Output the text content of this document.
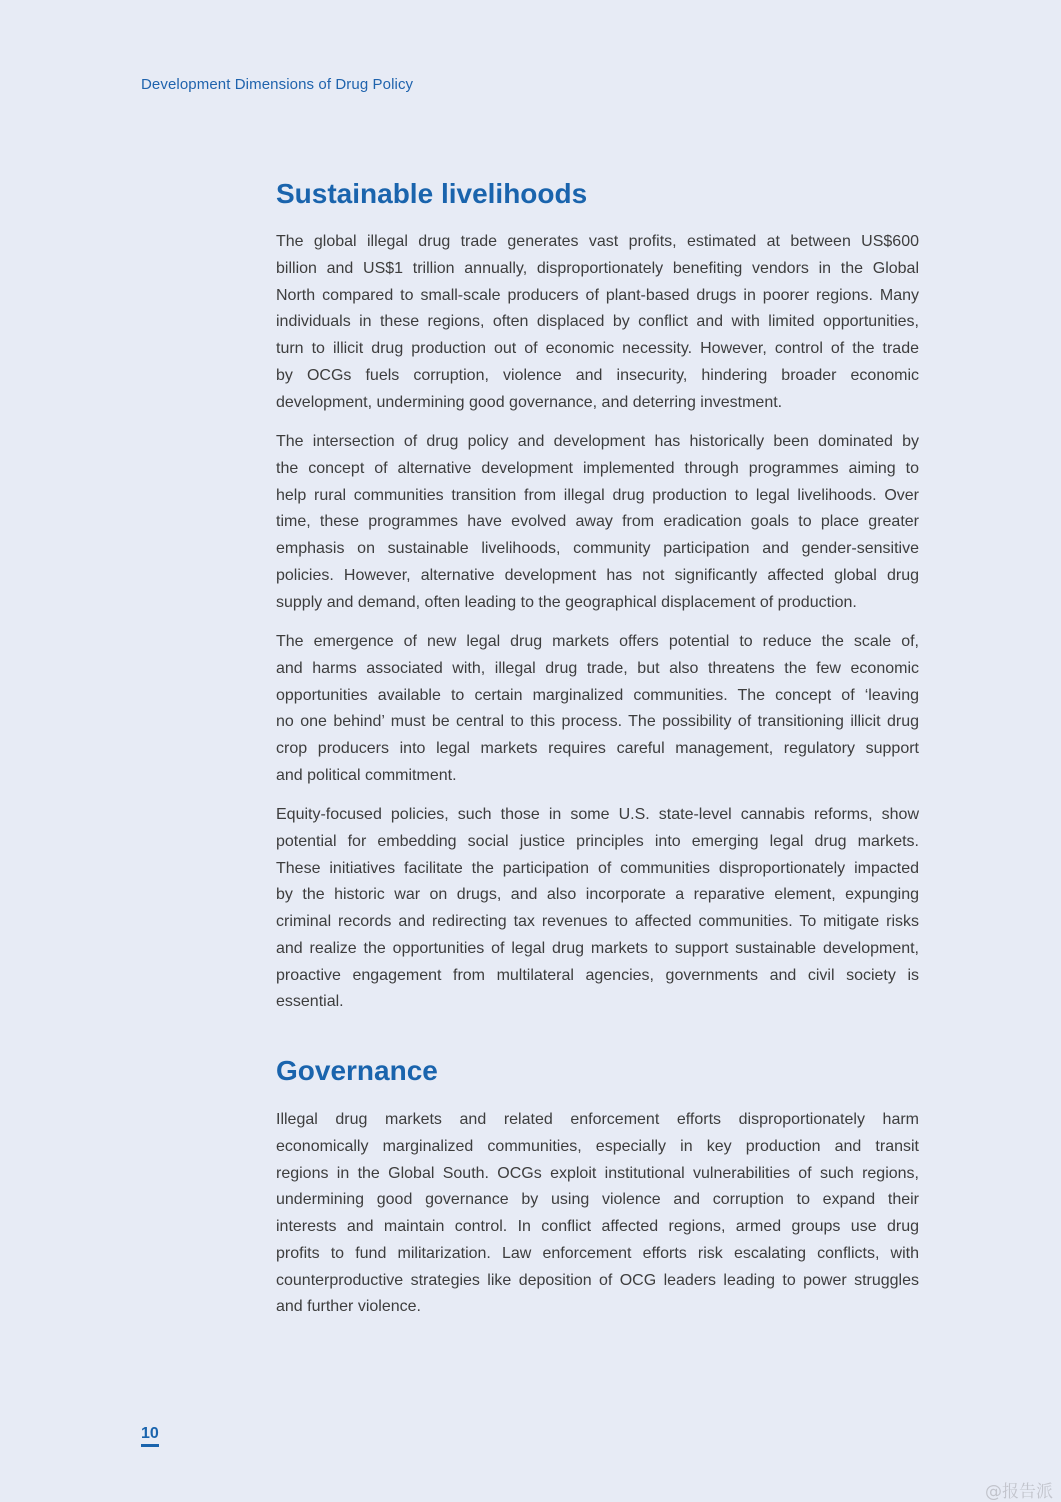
Development Dimensions of Drug Policy
Sustainable livelihoods
The global illegal drug trade generates vast profits, estimated at between US$600
billion and US$1 trillion annually, disproportionately benefiting vendors in the Global
North compared to small-scale producers of plant-based drugs in poorer regions. Many
individuals in these regions, often displaced by conflict and with limited opportunities,
turn to illicit drug production out of economic necessity. However, control of the trade
by OCGs fuels corruption, violence and insecurity, hindering broader economic
development, undermining good governance, and deterring investment.
The intersection of drug policy and development has historically been dominated by
the concept of alternative development implemented through programmes aiming to
help rural communities transition from illegal drug production to legal livelihoods. Over
time, these programmes have evolved away from eradication goals to place greater
emphasis on sustainable livelihoods, community participation and gender-sensitive
policies. However, alternative development has not significantly affected global drug
supply and demand, often leading to the geographical displacement of production.
The emergence of new legal drug markets offers potential to reduce the scale of,
and harms associated with, illegal drug trade, but also threatens the few economic
opportunities available to certain marginalized communities. The concept of ‘leaving
no one behind’ must be central to this process. The possibility of transitioning illicit drug
crop producers into legal markets requires careful management, regulatory support
and political commitment.
Equity-focused policies, such those in some U.S. state-level cannabis reforms, show
potential for embedding social justice principles into emerging legal drug markets.
These initiatives facilitate the participation of communities disproportionately impacted
by the historic war on drugs, and also incorporate a reparative element, expunging
criminal records and redirecting tax revenues to affected communities. To mitigate risks
and realize the opportunities of legal drug markets to support sustainable development,
proactive engagement from multilateral agencies, governments and civil society is
essential.
Illegal drug markets and related enforcement efforts disproportionately harm
economically marginalized communities, especially in key production and transit
regions in the Global South. OCGs exploit institutional vulnerabilities of such regions,
undermining good governance by using violence and corruption to expand their
interests and maintain control. In conflict affected regions, armed groups use drug
profits to fund militarization. Law enforcement efforts risk escalating conflicts, with
counterproductive strategies like deposition of OCG leaders leading to power struggles
and further violence.
Governance
10
@报告派
